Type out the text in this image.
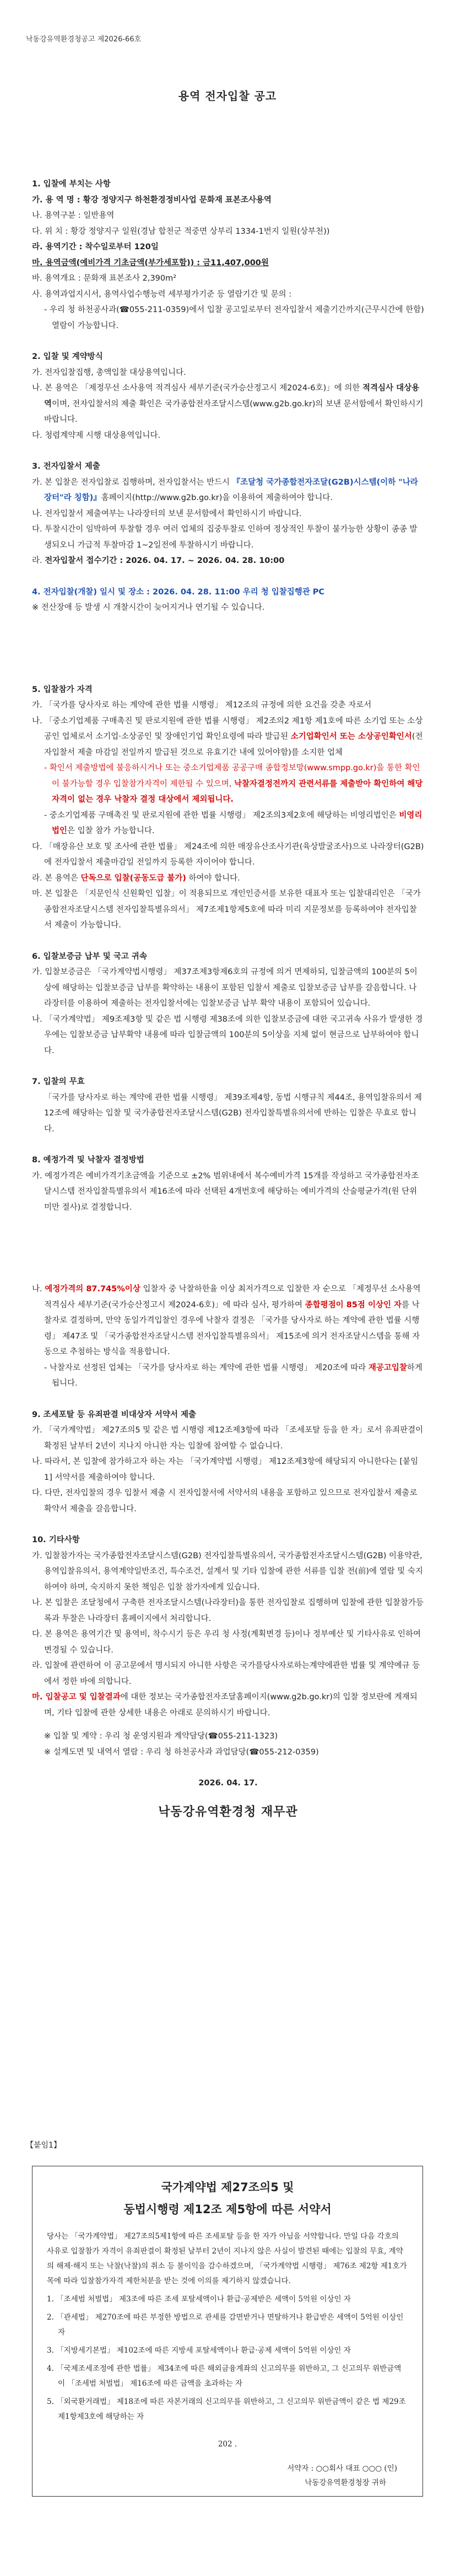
낙동강유역환경청공고 제2026-66호
용역 전자입찰 공고
1. 입찰에 부치는 사항
가. 용 역 명 : 황강 정양지구 하천환경정비사업 문화재 표본조사용역
나. 용역구분 : 일반용역
다. 위 치 : 황강 정양지구 일원(경남 합천군 적중면 상부리 1334-1번지 일원(상부천))
라. 용역기간 : 착수일로부터 120일
마. 용역금액(예비가격 기초금액(부가세포함)) : 금11,407,000원
바. 용역개요 : 문화재 표본조사 2,390m²
사. 용역과업지시서, 용역사업수행능력 세부평가기준 등 열람기간 및 문의 :
- 우리 청 하천공사과(☎055-211-0359)에서 입찰 공고일로부터 전자입찰서 제출기간까지(근무시간에 한함) 열람이 가능합니다.
2. 입찰 및 계약방식
가. 전자입찰집행, 총액입찰 대상용역입니다.
나. 본 용역은 「제정무선 소사용역 적격심사 세부기준(국가승산정고시 제2024-6호)」에 의한 적격심사 대상용역이며, 전자입찰서의 제출 확인은 국가종합전자조달시스템(www.g2b.go.kr)의 보낸 문서함에서 확인하시기 바랍니다.
다. 청렴계약제 시행 대상용역입니다.
3. 전자입찰서 제출
가. 본 입찰은 전자입찰로 집행하며, 전자입찰서는 반드시 『조달청 국가종합전자조달(G2B)시스템(이하 "나라장터"라 칭함)』홈페이지(http://www.g2b.go.kr)을 이용하여 제출하여야 합니다.
나. 전자입찰서 제출여부는 나라장터의 보낸 문서함에서 확인하시기 바랍니다.
다. 투찰시간이 임박하여 투찰할 경우 여러 업체의 집중투찰로 인하여 정상적인 투찰이 불가능한 상황이 종종 발생되오니 가급적 투찰마감 1~2일전에 투찰하시기 바랍니다.
라. 전자입찰서 접수기간 : 2026. 04. 17. ~ 2026. 04. 28. 10:00
4. 전자입찰(개찰) 일시 및 장소 : 2026. 04. 28. 11:00 우리 청 입찰집행관 PC
※ 전산장애 등 발생 시 개찰시간이 늦어지거나 연기될 수 있습니다.
5. 입찰참가 자격
가. 「국가를 당사자로 하는 계약에 관한 법률 시행령」 제12조의 규정에 의한 요건을 갖춘 자로서
나. 「중소기업제품 구매촉진 및 판로지원에 관한 법률 시행령」 제2조의2 제1항 제1호에 따른 소기업 또는 소상공인 업체로서 소기업·소상공인 및 장애인기업 확인요령에 따라 발급된 소기업확인서 또는 소상공인확인서(전자입찰서 제출 마감일 전일까지 발급된 것으로 유효기간 내에 있어야함)를 소지한 업체
- 확인서 제출방법에 불응하시거나 또는 중소기업제품 공공구매 종합정보망(www.smpp.go.kr)을 통한 확인이 불가능할 경우 입찰참가자격이 제한될 수 있으며, 낙찰자결정전까지 관련서류를 제출받아 확인하여 해당 자격이 없는 경우 낙찰자 결정 대상에서 제외됩니다.
- 중소기업제품 구매촉진 및 판로지원에 관한 법률 시행령」 제2조의3제2호에 해당하는 비영리법인은 비영리법인은 입찰 참가 가능합니다.
다. 「매장유산 보호 및 조사에 관한 법률」 제24조에 의한 매장유산조사기관(육상발굴조사)으로 나라장터(G2B)에 전자입찰서 제출마감일 전일까지 등록한 자이어야 합니다.
라. 본 용역은 단독으로 입찰(공동도급 불가) 하여야 합니다.
마. 본 입찰은 「지문인식 신원확인 입찰」이 적용되므로 개인인증서를 보유한 대표자 또는 입찰대리인은 「국가종합전자조달시스템 전자입찰특별유의서」 제7조제1항제5호에 따라 미리 지문정보를 등록하여야 전자입찰서 제출이 가능합니다.
6. 입찰보증금 납부 및 국고 귀속
가. 입찰보증금은 「국가계약법시행령」 제37조제3항제6호의 규정에 의거 면제하되, 입찰금액의 100분의 5이상에 해당하는 입찰보증금 납부를 확약하는 내용이 포함된 입찰서 제출로 입찰보증금 납부를 갈음합니다. 나라장터를 이용하여 제출하는 전자입찰서에는 입찰보증금 납부 확약 내용이 포함되어 있습니다.
나. 「국가계약법」 제9조제3항 및 같은 법 시행령 제38조에 의한 입찰보증금에 대한 국고귀속 사유가 발생한 경우에는 입찰보증금 납부확약 내용에 따라 입찰금액의 100분의 5이상을 지체 없이 현금으로 납부하여야 합니다.
7. 입찰의 무효
「국가를 당사자로 하는 계약에 관한 법률 시행령」 제39조제4항, 동법 시행규칙 제44조, 용역입찰유의서 제12조에 해당하는 입찰 및 국가종합전자조달시스템(G2B) 전자입찰특별유의서에 반하는 입찰은 무효로 합니다.
8. 예정가격 및 낙찰자 결정방법
가. 예정가격은 예비가격기초금액을 기준으로 ±2% 범위내에서 복수예비가격 15개를 작성하고 국가종합전자조달시스템 전자입찰특별유의서 제16조에 따라 선택된 4개번호에 해당하는 예비가격의 산술평균가격(원 단위 미만 절사)로 결정합니다.
나. 예정가격의 87.745%이상 입찰자 중 낙찰하한율 이상 최저가격으로 입찰한 자 순으로 「제정무선 소사용역 적격심사 세부기준(국가승산정고시 제2024-6호)」에 따라 심사, 평가하여 종합평점이 85점 이상인 자를 낙찰자로 결정하며, 만약 동일가격입찰인 경우에 낙찰자 결정은 「국가를 당사자로 하는 계약에 관한 법률 시행령」 제47조 및 「국가종합전자조달시스템 전자입찰특별유의서」 제15조에 의거 전자조달시스템을 통해 자동으로 추첨하는 방식을 적용합니다.
- 낙찰자로 선정된 업체는 「국가를 당사자로 하는 계약에 관한 법률 시행령」 제20조에 따라 재공고입찰하게 됩니다.
9. 조세포탈 등 유죄판결 비대상자 서약서 제출
가. 「국가계약법」 제27조의5 및 같은 법 시행령 제12조제3항에 따라 「조세포탈 등을 한 자」로서 유죄판결이 확정된 날부터 2년이 지나지 아니한 자는 입찰에 참여할 수 없습니다.
나. 따라서, 본 입찰에 참가하고자 하는 자는 「국가계약법 시행령」 제12조제3항에 해당되지 아니한다는 [붙임1] 서약서를 제출하여야 합니다.
다. 다만, 전자입찰의 경우 입찰서 제출 시 전자입찰서에 서약서의 내용을 포함하고 있으므로 전자입찰서 제출로 확약서 제출을 갈음합니다.
10. 기타사항
가. 입찰참가자는 국가종합전자조달시스템(G2B) 전자입찰특별유의서, 국가종합전자조달시스템(G2B) 이용약관, 용역입찰유의서, 용역계약일반조건, 특수조건, 설계서 및 기타 입찰에 관한 서류를 입찰 전(前)에 열람 및 숙지하여야 하며, 숙지하지 못한 책임은 입찰 참가자에게 있습니다.
나. 본 입찰은 조달청에서 구축한 전자조달시스템(나라장터)을 통한 전자입찰로 집행하며 입찰에 관한 입찰참가등록과 투찰은 나라장터 홈페이지에서 처리합니다.
다. 본 용역은 용역기간 및 용역비, 착수시기 등은 우리 청 사정(계획변경 등)이나 정부예산 및 기타사유로 인하여 변경될 수 있습니다.
라. 입찰에 관련하여 이 공고문에서 명시되지 아니한 사항은 국가를당사자로하는계약에관한 법률 및 계약예규 등에서 정한 바에 의합니다.
마. 입찰공고 및 입찰결과에 대한 정보는 국가종합전자조달홈페이지(www.g2b.go.kr)의 입찰 정보란에 게재되며, 기타 입찰에 관한 상세한 내용은 아래로 문의하시기 바랍니다.
※ 입찰 및 계약 : 우리 청 운영지원과 계약담당(☎055-211-1323)
※ 설계도면 및 내역서 열람 : 우리 청 하천공사과 과업담당(☎055-212-0359)
2026. 04. 17.
낙동강유역환경청 재무관
【붙임1】
국가계약법 제27조의5 및
동법시행령 제12조 제5항에 따른 서약서
당사는 「국가계약법」 제27조의5제1항에 따른 조세포탈 등을 한 자가 아님을 서약합니다. 만일 다음 각호의 사유로 입찰참가 자격이 유죄판결이 확정된 날부터 2년이 지나지 않은 사실이 발견된 때에는 입찰의 무효, 계약의 해제·해지 또는 낙찰(낙찰)의 취소 등 불이익을 감수하겠으며, 「국가계약법 시행령」 제76조 제2항 제1호가목에 따라 입찰참가자격 제한처분을 받는 것에 이의를 제기하지 않겠습니다.
1. 「조세범 처벌법」 제3조에 따른 조세 포탈세액이나 환급·공제받은 세액이 5억원 이상인 자
2. 「관세법」 제270조에 따른 부정한 방법으로 관세를 감면받거나 면탈하거나 환급받은 세액이 5억원 이상인 자
3. 「지방세기본법」 제102조에 따른 지방세 포탈세액이나 환급·공제 세액이 5억원 이상인 자
4. 「국제조세조정에 관한 법률」 제34조에 따른 해외금융계좌의 신고의무를 위반하고, 그 신고의무 위반금액이 「조세범 처벌법」 제16조에 따른 금액을 초과하는 자
5. 「외국환거래법」 제18조에 따른 자본거래의 신고의무를 위반하고, 그 신고의무 위반금액이 같은 법 제29조제1항제3호에 해당하는 자
202 .
서약자 : ○○회사 대표 ○○○ (인)
낙동강유역환경청장 귀하
